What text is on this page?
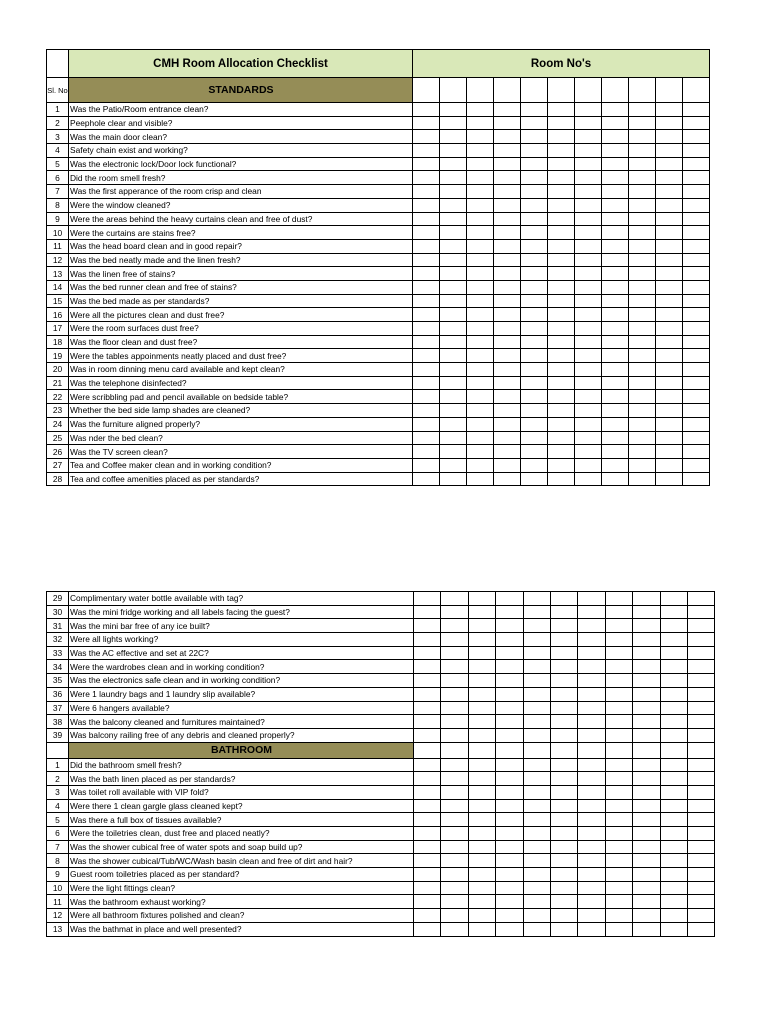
	CMH Room Allocation Checklist	Room No's										
Sl. No	STANDARDS											
1	Was the Patio/Room entrance clean?											
2	Peephole clear and visible?											
3	Was the main door clean?											
4	Safety chain exist and working?											
5	Was the electronic lock/Door lock functional?											
6	Did the room smell fresh?											
7	Was the first apperance of the room crisp and clean											
8	Were the window cleaned?											
9	Were the areas behind the heavy curtains clean and free of dust?											
10	Were the curtains are stains free?											
11	Was the head board clean and in good repair?											
12	Was the bed neatly made and the linen fresh?											
13	Was the linen free of stains?											
14	Was the bed runner clean and free of stains?											
15	Was the bed made as per standards?											
16	Were all the pictures clean and dust free?											
17	Were the room surfaces dust free?											
18	Was the floor clean and dust free?											
19	Were the tables appoinments neatly placed and dust free?											
20	Was in room dinning menu card available and kept clean?											
21	Was the telephone disinfected?											
22	Were scribbling pad and pencil available on bedside table?											
23	Whether the bed side lamp shades are cleaned?											
24	Was the furniture aligned properly?											
25	Was nder the bed clean?											
26	Was the TV screen clean?											
27	Tea and Coffee maker clean and in working condition?											
28	Tea and coffee amenities placed as per standards?											
29	Complimentary water bottle available with tag?											
30	Was the mini fridge working and all labels facing the guest?											
31	Was the mini bar free of any ice built?											
32	Were all lights working?											
33	Was the AC effective and set at 22C?											
34	Were the wardrobes clean and in working condition?											
35	Was the electronics safe clean and in working condition?											
36	Were 1 laundry bags and 1 laundry slip available?											
37	Were 6 hangers available?											
38	Was the balcony cleaned and furnitures maintained?											
39	Was balcony railing free of any debris and cleaned properly?											
	BATHROOM											
1	Did the bathroom smell fresh?											
2	Was the bath linen placed as per standards?											
3	Was toilet roll available with VIP fold?											
4	Were there 1 clean gargle glass cleaned kept?											
5	Was there a full box of tissues available?											
6	Were the toiletries clean, dust free and placed neatly?											
7	Was the shower cubical free of water spots and soap build up?											
8	Was the shower cubical/Tub/WC/Wash basin clean and free of dirt and hair?											
9	Guest room toiletries placed as per standard?											
10	Were the light fittings clean?											
11	Was the bathroom exhaust working?											
12	Were all bathroom fixtures polished and clean?											
13	Was the bathmat in place and well presented?											
